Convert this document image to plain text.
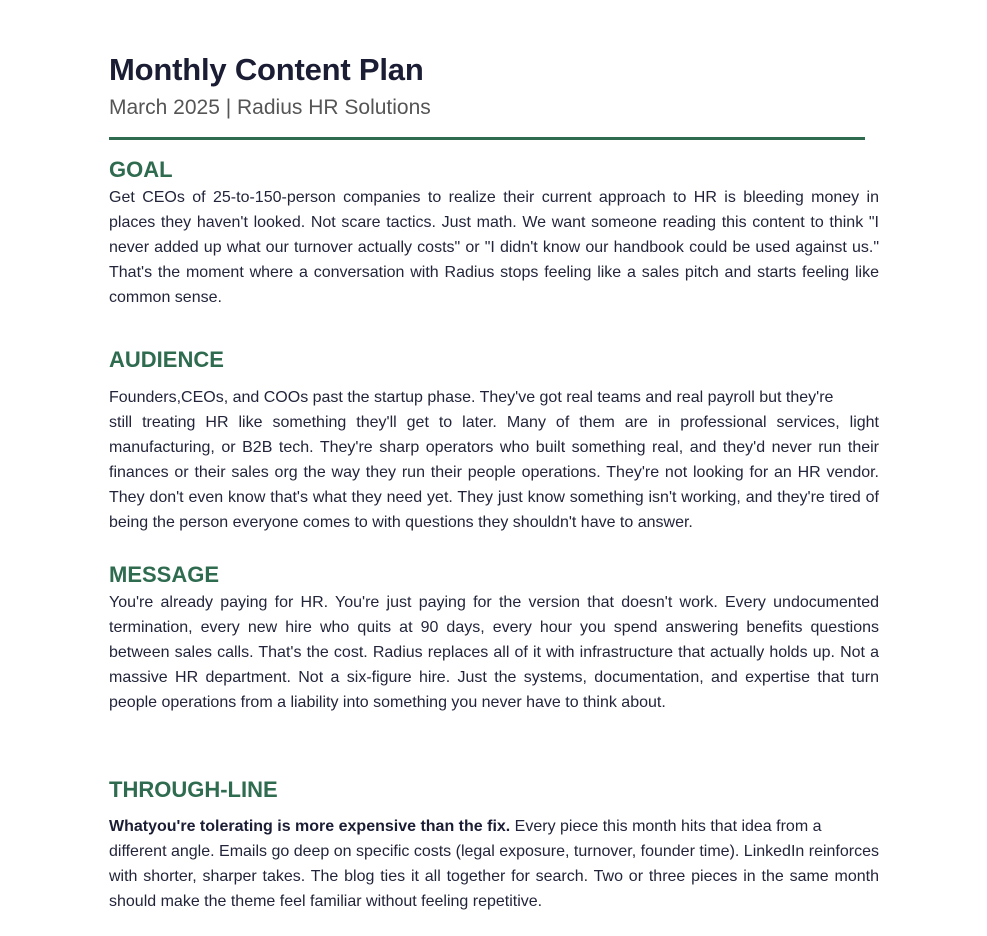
Monthly Content Plan
March 2025 | Radius HR Solutions
GOAL

Get CEOs of 25-to-150-person companies to realize their current approach to HR is bleeding money in places they haven't looked. Not scare tactics. Just math. We want someone reading this content to think "I never added up what our turnover actually costs" or "I didn't know our handbook could be used against us." That's the moment where a conversation with Radius stops feeling like a sales pitch and starts feeling like common sense.

AUDIENCE

Founders,CEOs, and COOs past the startup phase. They've got real teams and real payroll but they're

still treating HR like something they'll get to later. Many of them are in professional services, light manufacturing, or B2B tech. They're sharp operators who built something real, and they'd never run their finances or their sales org the way they run their people operations. They're not looking for an HR vendor. They don't even know that's what they need yet. They just know something isn't working, and they're tired of being the person everyone comes to with questions they shouldn't have to answer.

MESSAGE

You're already paying for HR. You're just paying for the version that doesn't work. Every undocumented termination, every new hire who quits at 90 days, every hour you spend answering benefits questions between sales calls. That's the cost. Radius replaces all of it with infrastructure that actually holds up. Not a massive HR department. Not a six-figure hire. Just the systems, documentation, and expertise that turn people operations from a liability into something you never have to think about.

THROUGH-LINE

Whatyou're tolerating is more expensive than the fix. Every piece this month hits that idea from a

different angle. Emails go deep on specific costs (legal exposure, turnover, founder time). LinkedIn reinforces with shorter, sharper takes. The blog ties it all together for search. Two or three pieces in the same month should make the theme feel familiar without feeling repetitive.
